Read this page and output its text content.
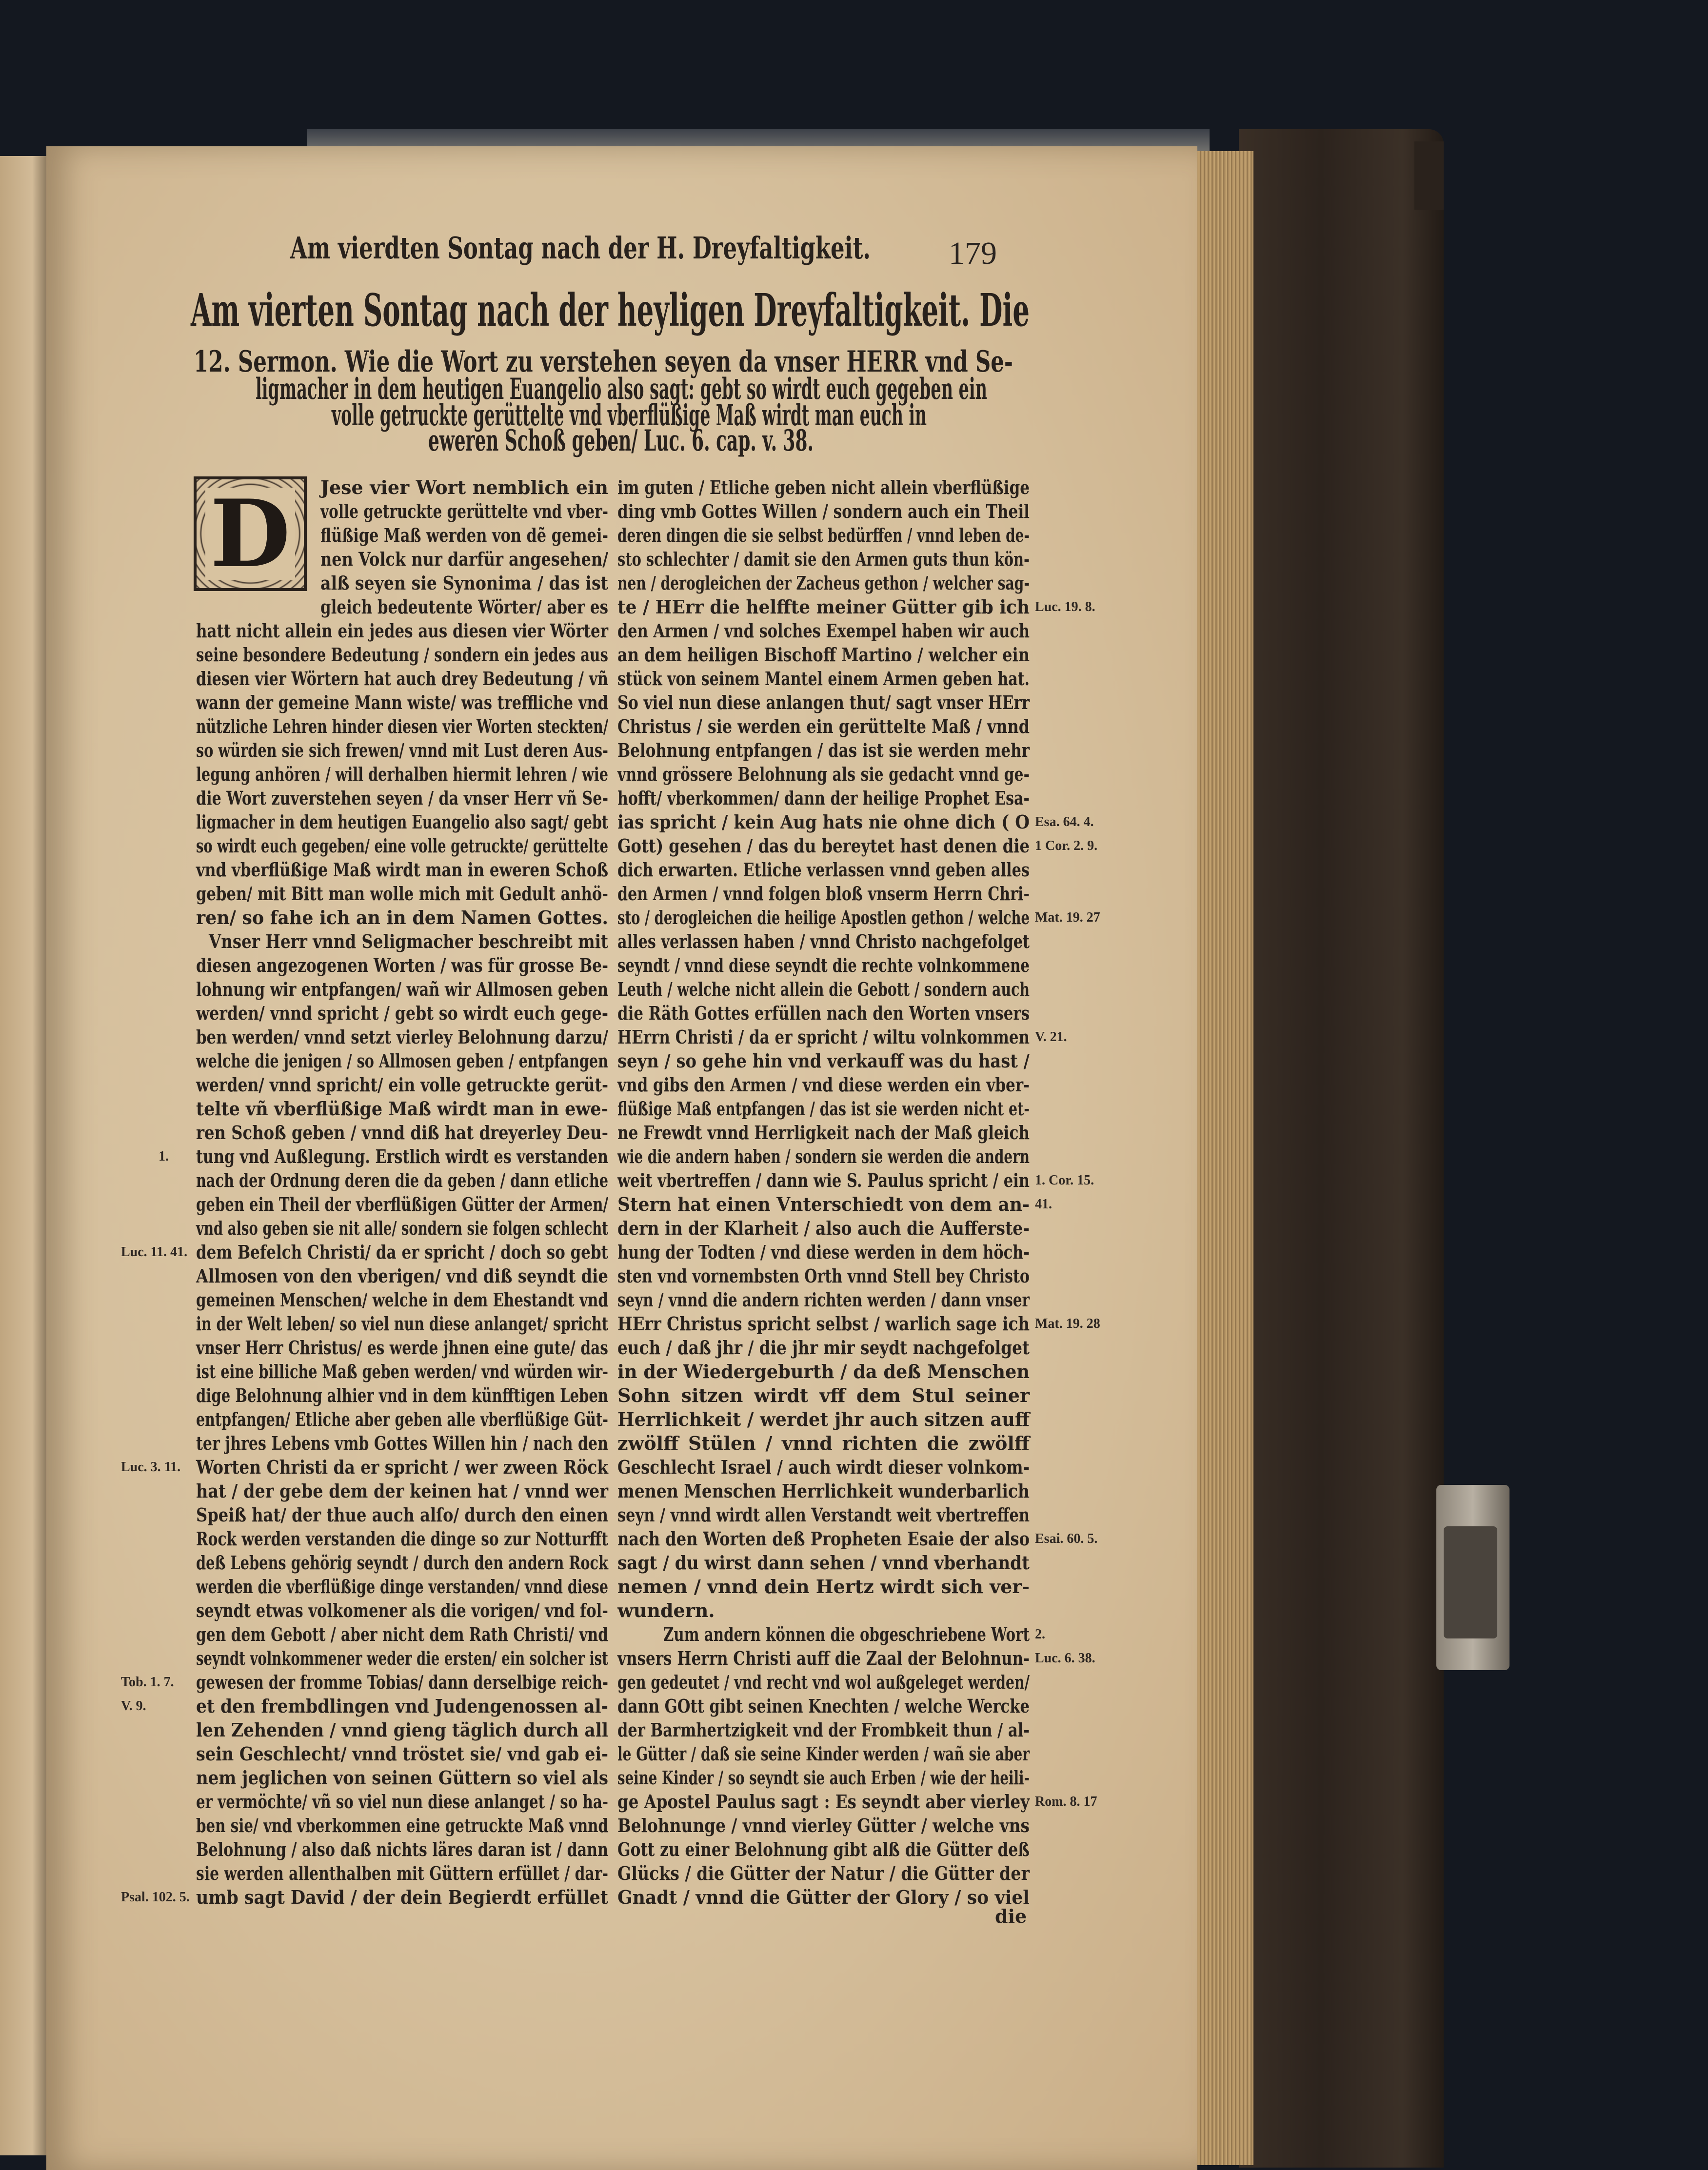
Am vierdten Sontag nach der H. Dreyfaltigkeit.	179
Am vierten Sontag nach der heyligen Dreyfaltigkeit. Die
12. Sermon. Wie die Wort zu verstehen seyen da vnser HERR vnd Se-
ligmacher in dem heutigen Euangelio also sagt: gebt so wirdt euch gegeben ein
volle getruckte gerüttelte vnd vberflüßige Maß wirdt man euch in
eweren Schoß geben/ Luc. 6. cap. v. 38.
D Jese vier Wort nemblich ein
volle getruckte gerüttelte vnd vber-
flüßige Maß werden von dẽ gemei-
nen Volck nur darfür angesehen/
alß seyen sie Synonima / das ist
gleich bedeutente Wörter/ aber es
hatt nicht allein ein jedes aus diesen vier Wörter
seine besondere Bedeutung / sondern ein jedes aus
diesen vier Wörtern hat auch drey Bedeutung / vñ
wann der gemeine Mann wiste/ was treffliche vnd
nützliche Lehren hinder diesen vier Worten steckten/
so würden sie sich frewen/ vnnd mit Lust deren Aus-
legung anhören / will derhalben hiermit lehren / wie
die Wort zuverstehen seyen / da vnser Herr vñ Se-
ligmacher in dem heutigen Euangelio also sagt/ gebt
so wirdt euch gegeben/ eine volle getruckte/ gerüttelte
vnd vberflüßige Maß wirdt man in eweren Schoß
geben/ mit Bitt man wolle mich mit Gedult anhö-
ren/ so fahe ich an in dem Namen Gottes.
Vnser Herr vnnd Seligmacher beschreibt mit
diesen angezogenen Worten / was für grosse Be-
lohnung wir entpfangen/ wañ wir Allmosen geben
werden/ vnnd spricht / gebt so wirdt euch gege-
ben werden/ vnnd setzt vierley Belohnung darzu/
welche die jenigen / so Allmosen geben / entpfangen
werden/ vnnd spricht/ ein volle getruckte gerüt-
telte vñ vberflüßige Maß wirdt man in ewe-
ren Schoß geben / vnnd diß hat dreyerley Deu-
tung vnd Außlegung. Erstlich wirdt es verstanden
nach der Ordnung deren die da geben / dann etliche
geben ein Theil der vberflüßigen Gütter der Armen/
vnd also geben sie nit alle/ sondern sie folgen schlecht
dem Befelch Christi/ da er spricht / doch so gebt
Allmosen von den vberigen/ vnd diß seyndt die
gemeinen Menschen/ welche in dem Ehestandt vnd
in der Welt leben/ so viel nun diese anlanget/ spricht
vnser Herr Christus/ es werde jhnen eine gute/ das
ist eine billiche Maß geben werden/ vnd würden wir-
dige Belohnung alhier vnd in dem künfftigen Leben
entpfangen/ Etliche aber geben alle vberflüßige Güt-
ter jhres Lebens vmb Gottes Willen hin / nach den
Worten Christi da er spricht / wer zween Röck
hat / der gebe dem der keinen hat / vnnd wer
Speiß hat/ der thue auch alſo/ durch den einen
Rock werden verstanden die dinge so zur Notturfft
deß Lebens gehörig seyndt / durch den andern Rock
werden die vberflüßige dinge verstanden/ vnnd diese
seyndt etwas volkomener als die vorigen/ vnd fol-
gen dem Gebott / aber nicht dem Rath Christi/ vnd
seyndt volnkommener weder die ersten/ ein solcher ist
gewesen der fromme Tobias/ dann derselbige reich-
et den frembdlingen vnd Judengenossen al-
len Zehenden / vnnd gieng täglich durch all
sein Geschlecht/ vnnd tröstet sie/ vnd gab ei-
nem jeglichen von seinen Güttern so viel als
er vermöchte/ vñ so viel nun diese anlanget / so ha-
ben sie/ vnd vberkommen eine getruckte Maß vnnd
Belohnung / also daß nichts läres daran ist / dann
sie werden allenthalben mit Güttern erfüllet / dar-
umb sagt David / der dein Begierdt erfüllet
1.
Luc. 11. 41.
Luc. 3. 11.
Tob. 1. 7.
V. 9.
Psal. 102. 5.
im guten / Etliche geben nicht allein vberflüßige
ding vmb Gottes Willen / sondern auch ein Theil
deren dingen die sie selbst bedürffen / vnnd leben de-
sto schlechter / damit sie den Armen guts thun kön-
nen / derogleichen der Zacheus gethon / welcher sag-
te / HErr die helffte meiner Gütter gib ich
den Armen / vnd solches Exempel haben wir auch
an dem heiligen Bischoff Martino / welcher ein
stück von seinem Mantel einem Armen geben hat.
So viel nun diese anlangen thut/ sagt vnser HErr
Christus / sie werden ein gerüttelte Maß / vnnd
Belohnung entpfangen / das ist sie werden mehr
vnnd grössere Belohnung als sie gedacht vnnd ge-
hofft/ vberkommen/ dann der heilige Prophet Esa-
ias spricht / kein Aug hats nie ohne dich ( O
Gott) gesehen / das du bereytet hast denen die
dich erwarten. Etliche verlassen vnnd geben alles
den Armen / vnnd folgen bloß vnserm Herrn Chri-
sto / derogleichen die heilige Apostlen gethon / welche
alles verlassen haben / vnnd Christo nachgefolget
seyndt / vnnd diese seyndt die rechte volnkommene
Leuth / welche nicht allein die Gebott / sondern auch
die Räth Gottes erfüllen nach den Worten vnsers
HErrn Christi / da er spricht / wiltu volnkommen
seyn / so gehe hin vnd verkauff was du hast /
vnd gibs den Armen / vnd diese werden ein vber-
flüßige Maß entpfangen / das ist sie werden nicht et-
ne Frewdt vnnd Herrligkeit nach der Maß gleich
wie die andern haben / sondern sie werden die andern
weit vbertreffen / dann wie S. Paulus spricht / ein
Stern hat einen Vnterschiedt von dem an-
dern in der Klarheit / also auch die Aufferste-
hung der Todten / vnd diese werden in dem höch-
sten vnd vornembsten Orth vnnd Stell bey Christo
seyn / vnnd die andern richten werden / dann vnser
HErr Christus spricht selbst / warlich sage ich
euch / daß jhr / die jhr mir seydt nachgefolget
in der Wiedergeburth / da deß Menschen
Sohn sitzen wirdt vff dem Stul seiner
Herrlichkeit / werdet jhr auch sitzen auff
zwölff Stülen / vnnd richten die zwölff
Geschlecht Israel / auch wirdt dieser volnkom-
menen Menschen Herrlichkeit wunderbarlich
seyn / vnnd wirdt allen Verstandt weit vbertreffen
nach den Worten deß Propheten Esaie der also
sagt / du wirst dann sehen / vnnd vberhandt
nemen / vnnd dein Hertz wirdt sich ver-
wundern.
Zum andern können die obgeschriebene Wort
vnsers Herrn Christi auff die Zaal der Belohnun-
gen gedeutet / vnd recht vnd wol außgeleget werden/
dann GOtt gibt seinen Knechten / welche Wercke
der Barmhertzigkeit vnd der Frombkeit thun / al-
le Gütter / daß sie seine Kinder werden / wañ sie aber
seine Kinder / so seyndt sie auch Erben / wie der heili-
ge Apostel Paulus sagt : Es seyndt aber vierley
Belohnunge / vnnd vierley Gütter / welche vns
Gott zu einer Belohnung gibt alß die Gütter deß
Glücks / die Gütter der Natur / die Gütter der
Gnadt / vnnd die Gütter der Glory / so viel
Luc. 19. 8.
Esa. 64. 4.
1 Cor. 2. 9.
Mat. 19. 27
V. 21.
1. Cor. 15.
41.
Mat. 19. 28
Esai. 60. 5.
2.
Luc. 6. 38.
Rom. 8. 17
die
